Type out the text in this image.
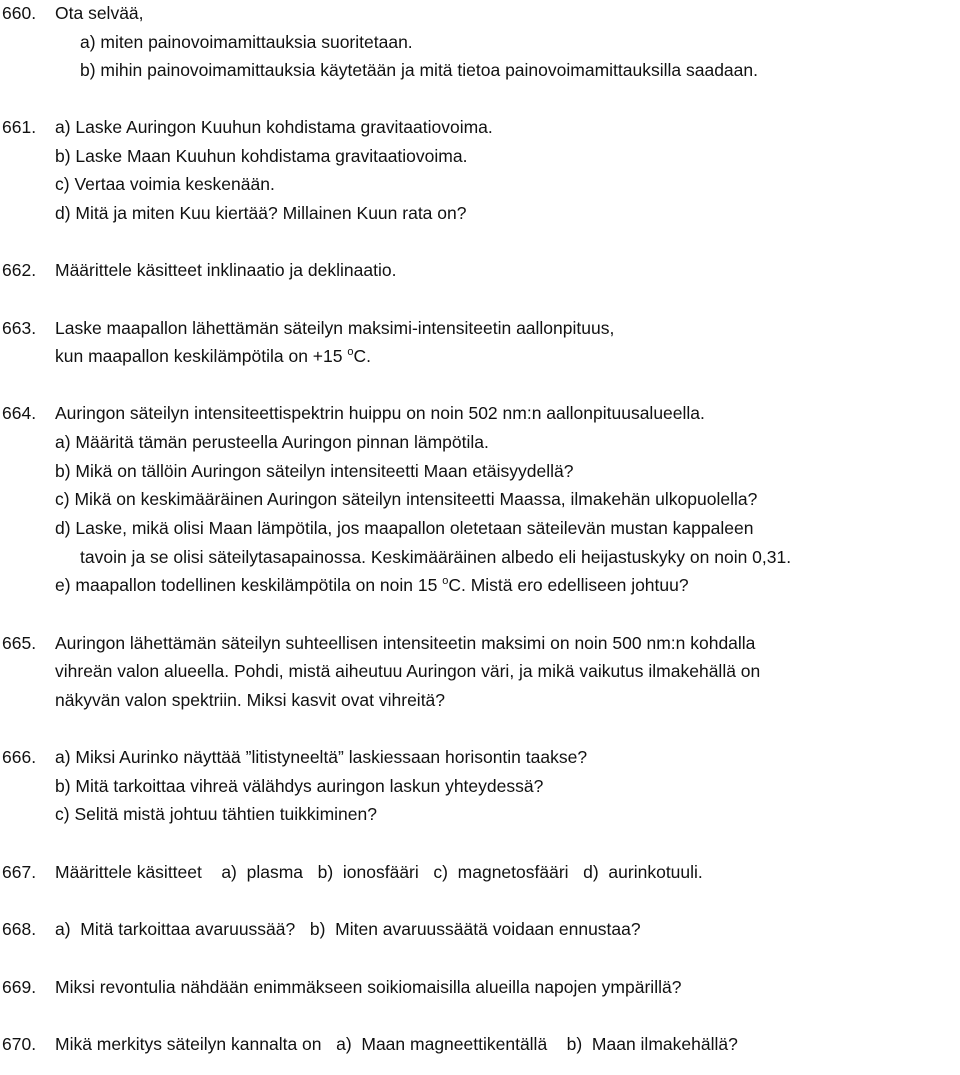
660. Ota selvää,
a) miten painovoimamittauksia suoritetaan.
b) mihin painovoimamittauksia käytetään ja mitä tietoa painovoimamittauksilla saadaan.
661. a) Laske Auringon Kuuhun kohdistama gravitaatiovoima.
b) Laske Maan Kuuhun kohdistama gravitaatiovoima.
c) Vertaa voimia keskenään.
d) Mitä ja miten Kuu kiertää? Millainen Kuun rata on?
662. Määrittele käsitteet inklinaatio ja deklinaatio.
663. Laske maapallon lähettämän säteilyn maksimi-intensiteetin aallonpituus,
kun maapallon keskilämpötila on +15 $^o$C.
664. Auringon säteilyn intensiteettispektrin huippu on noin 502 nm:n aallonpituusalueella.
a) Määritä tämän perusteella Auringon pinnan lämpötila.
b) Mikä on tällöin Auringon säteilyn intensiteetti Maan etäisyydellä?
c) Mikä on keskimääräinen Auringon säteilyn intensiteetti Maassa, ilmakehän ulkopuolella?
d) Laske, mikä olisi Maan lämpötila, jos maapallon oletetaan säteilevän mustan kappaleen
tavoin ja se olisi säteilytasapainossa. Keskimääräinen albedo eli heijastuskyky on noin 0,31.
e) maapallon todellinen keskilämpötila on noin 15 $^o$C. Mistä ero edelliseen johtuu?
665. Auringon lähettämän säteilyn suhteellisen intensiteetin maksimi on noin 500 nm:n kohdalla
vihreän valon alueella. Pohdi, mistä aiheutuu Auringon väri, ja mikä vaikutus ilmakehällä on
näkyvän valon spektriin. Miksi kasvit ovat vihreitä?
666. a) Miksi Aurinko näyttää ”litistyneeltä” laskiessaan horisontin taakse?
b) Mitä tarkoittaa vihreä välähdys auringon laskun yhteydessä?
c) Selitä mistä johtuu tähtien tuikkiminen?
667. Määrittele käsitteet    a)  plasma   b)  ionosfääri   c)  magnetosfääri   d)  aurinkotuuli.
668. a)  Mitä tarkoittaa avaruussää?   b)  Miten avaruussäätä voidaan ennustaa?
669. Miksi revontulia nähdään enimmäkseen soikiomaisilla alueilla napojen ympärillä?
670. Mikä merkitys säteilyn kannalta on   a)  Maan magneettikentällä    b)  Maan ilmakehällä?
